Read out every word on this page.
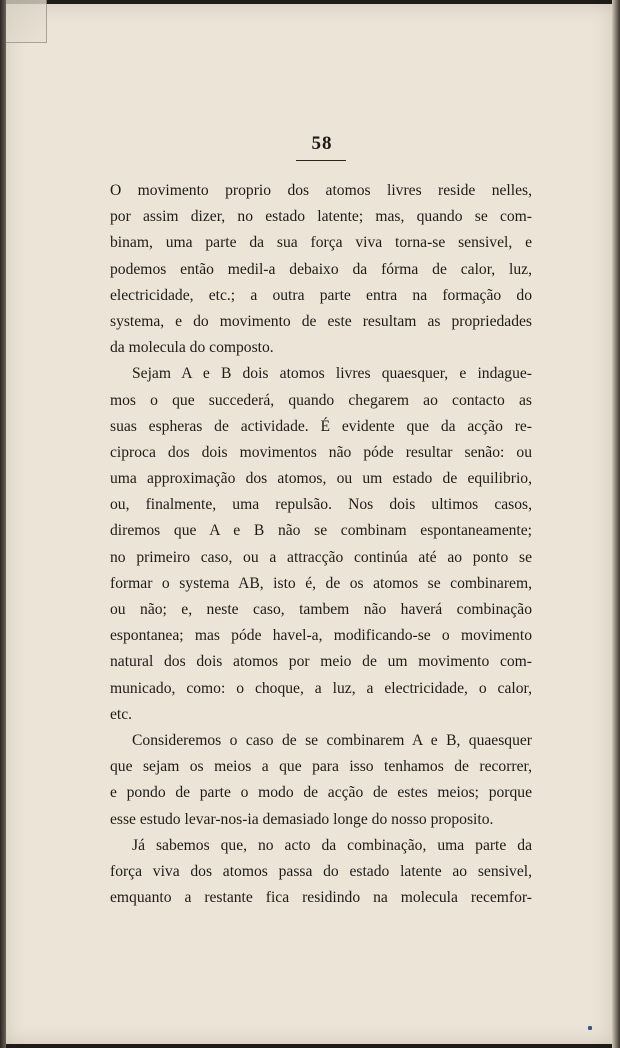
58
O movimento proprio dos atomos livres reside nelles,
por assim dizer, no estado latente; mas, quando se com-
binam, uma parte da sua força viva torna-se sensivel, e
podemos então medil-a debaixo da fórma de calor, luz,
electricidade, etc.; a outra parte entra na formação do
systema, e do movimento de este resultam as propriedades
da molecula do composto.
Sejam A e B dois atomos livres quaesquer, e indague-
mos o que succederá, quando chegarem ao contacto as
suas espheras de actividade. É evidente que da acção re-
ciproca dos dois movimentos não póde resultar senão: ou
uma approximação dos atomos, ou um estado de equilibrio,
ou, finalmente, uma repulsão. Nos dois ultimos casos,
diremos que A e B não se combinam espontaneamente;
no primeiro caso, ou a attracção continúa até ao ponto se
formar o systema AB, isto é, de os atomos se combinarem,
ou não; e, neste caso, tambem não haverá combinação
espontanea; mas póde havel-a, modificando-se o movimento
natural dos dois atomos por meio de um movimento com-
municado, como: o choque, a luz, a electricidade, o calor,
etc.
Consideremos o caso de se combinarem A e B, quaesquer
que sejam os meios a que para isso tenhamos de recorrer,
e pondo de parte o modo de acção de estes meios; porque
esse estudo levar-nos-ia demasiado longe do nosso proposito.
Já sabemos que, no acto da combinação, uma parte da
força viva dos atomos passa do estado latente ao sensivel,
emquanto a restante fica residindo na molecula recemfor-
